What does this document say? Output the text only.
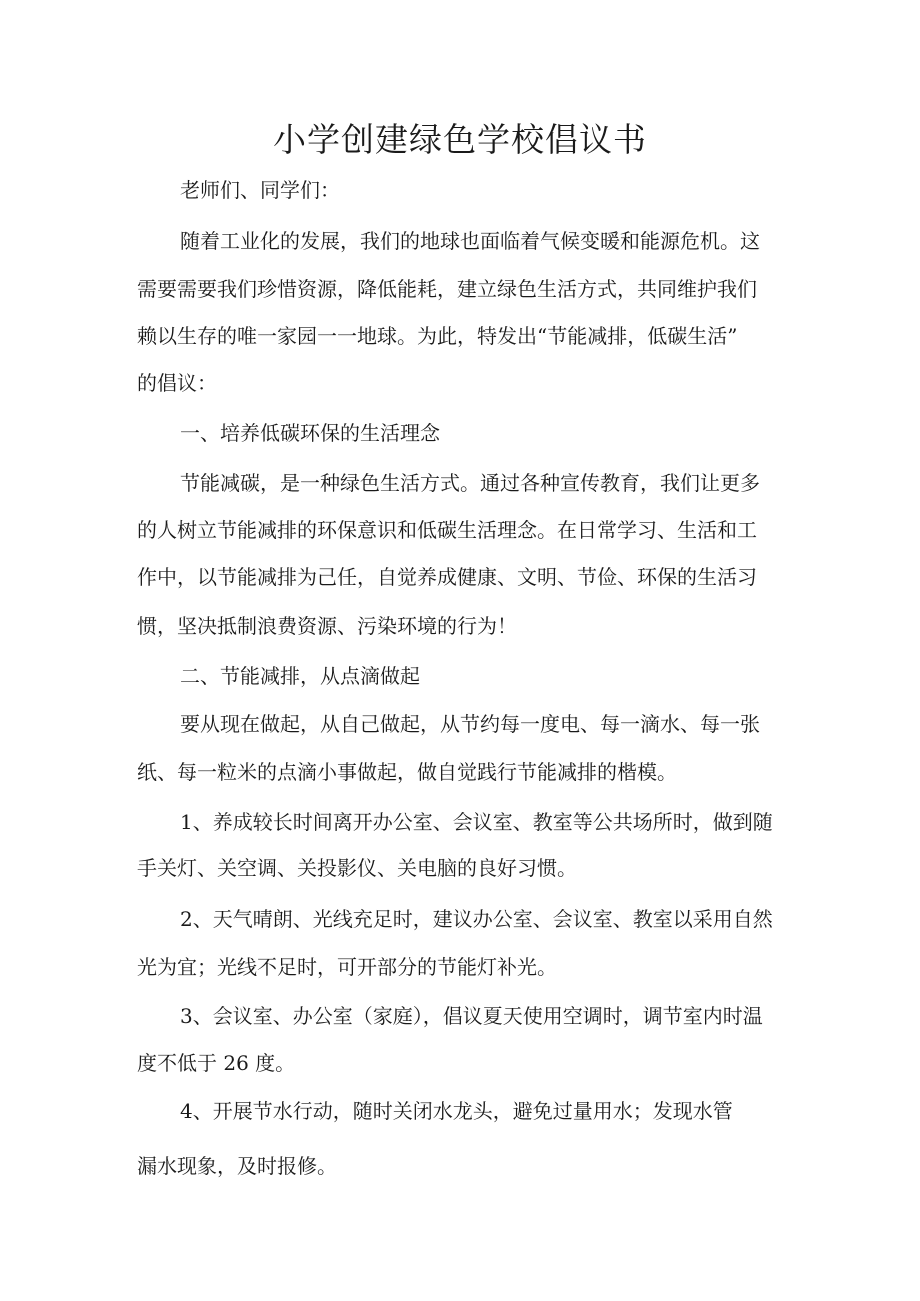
小学创建绿色学校倡议书

老师们、同学们：

随着工业化的发展，我们的地球也面临着气候变暖和能源危机。这

需要需要我们珍惜资源，降低能耗，建立绿色生活方式，共同维护我们

赖以生存的唯一家园一一地球。为此，特发出“节能减排，低碳生活”

的倡议：

一、培养低碳环保的生活理念

节能减碳，是一种绿色生活方式。通过各种宣传教育，我们让更多

的人树立节能减排的环保意识和低碳生活理念。在日常学习、生活和工

作中，以节能减排为己任，自觉养成健康、文明、节俭、环保的生活习

惯，坚决抵制浪费资源、污染环境的行为！

二、节能减排，从点滴做起

要从现在做起，从自己做起，从节约每一度电、每一滴水、每一张

纸、每一粒米的点滴小事做起，做自觉践行节能减排的楷模。

1、养成较长时间离开办公室、会议室、教室等公共场所时，做到随

手关灯、关空调、关投影仪、关电脑的良好习惯。

2、天气晴朗、光线充足时，建议办公室、会议室、教室以采用自然

光为宜；光线不足时，可开部分的节能灯补光。

3、会议室、办公室（家庭），倡议夏天使用空调时，调节室内时温

度不低于 26 度。

4、开展节水行动，随时关闭水龙头，避免过量用水；发现水管

漏水现象，及时报修。
